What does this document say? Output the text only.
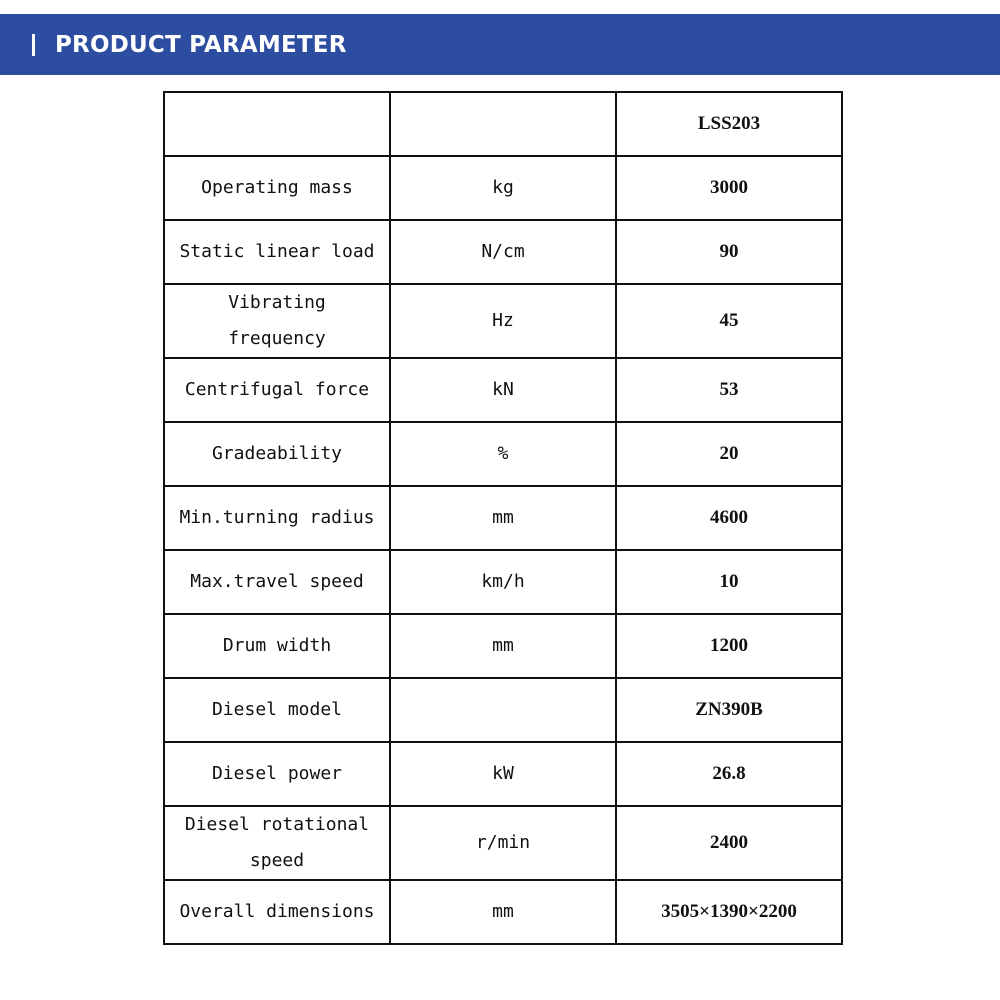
PRODUCT PARAMETER
		LSS203
Operating mass	kg	3000
Static linear load	N/cm	90
Vibrating frequency	Hz	45
Centrifugal force	kN	53
Gradeability	%	20
Min.turning radius	mm	4600
Max.travel speed	km/h	10
Drum width	mm	1200
Diesel model		ZN390B
Diesel power	kW	26.8
Diesel rotational speed	r/min	2400
Overall dimensions	mm	3505×1390×2200
